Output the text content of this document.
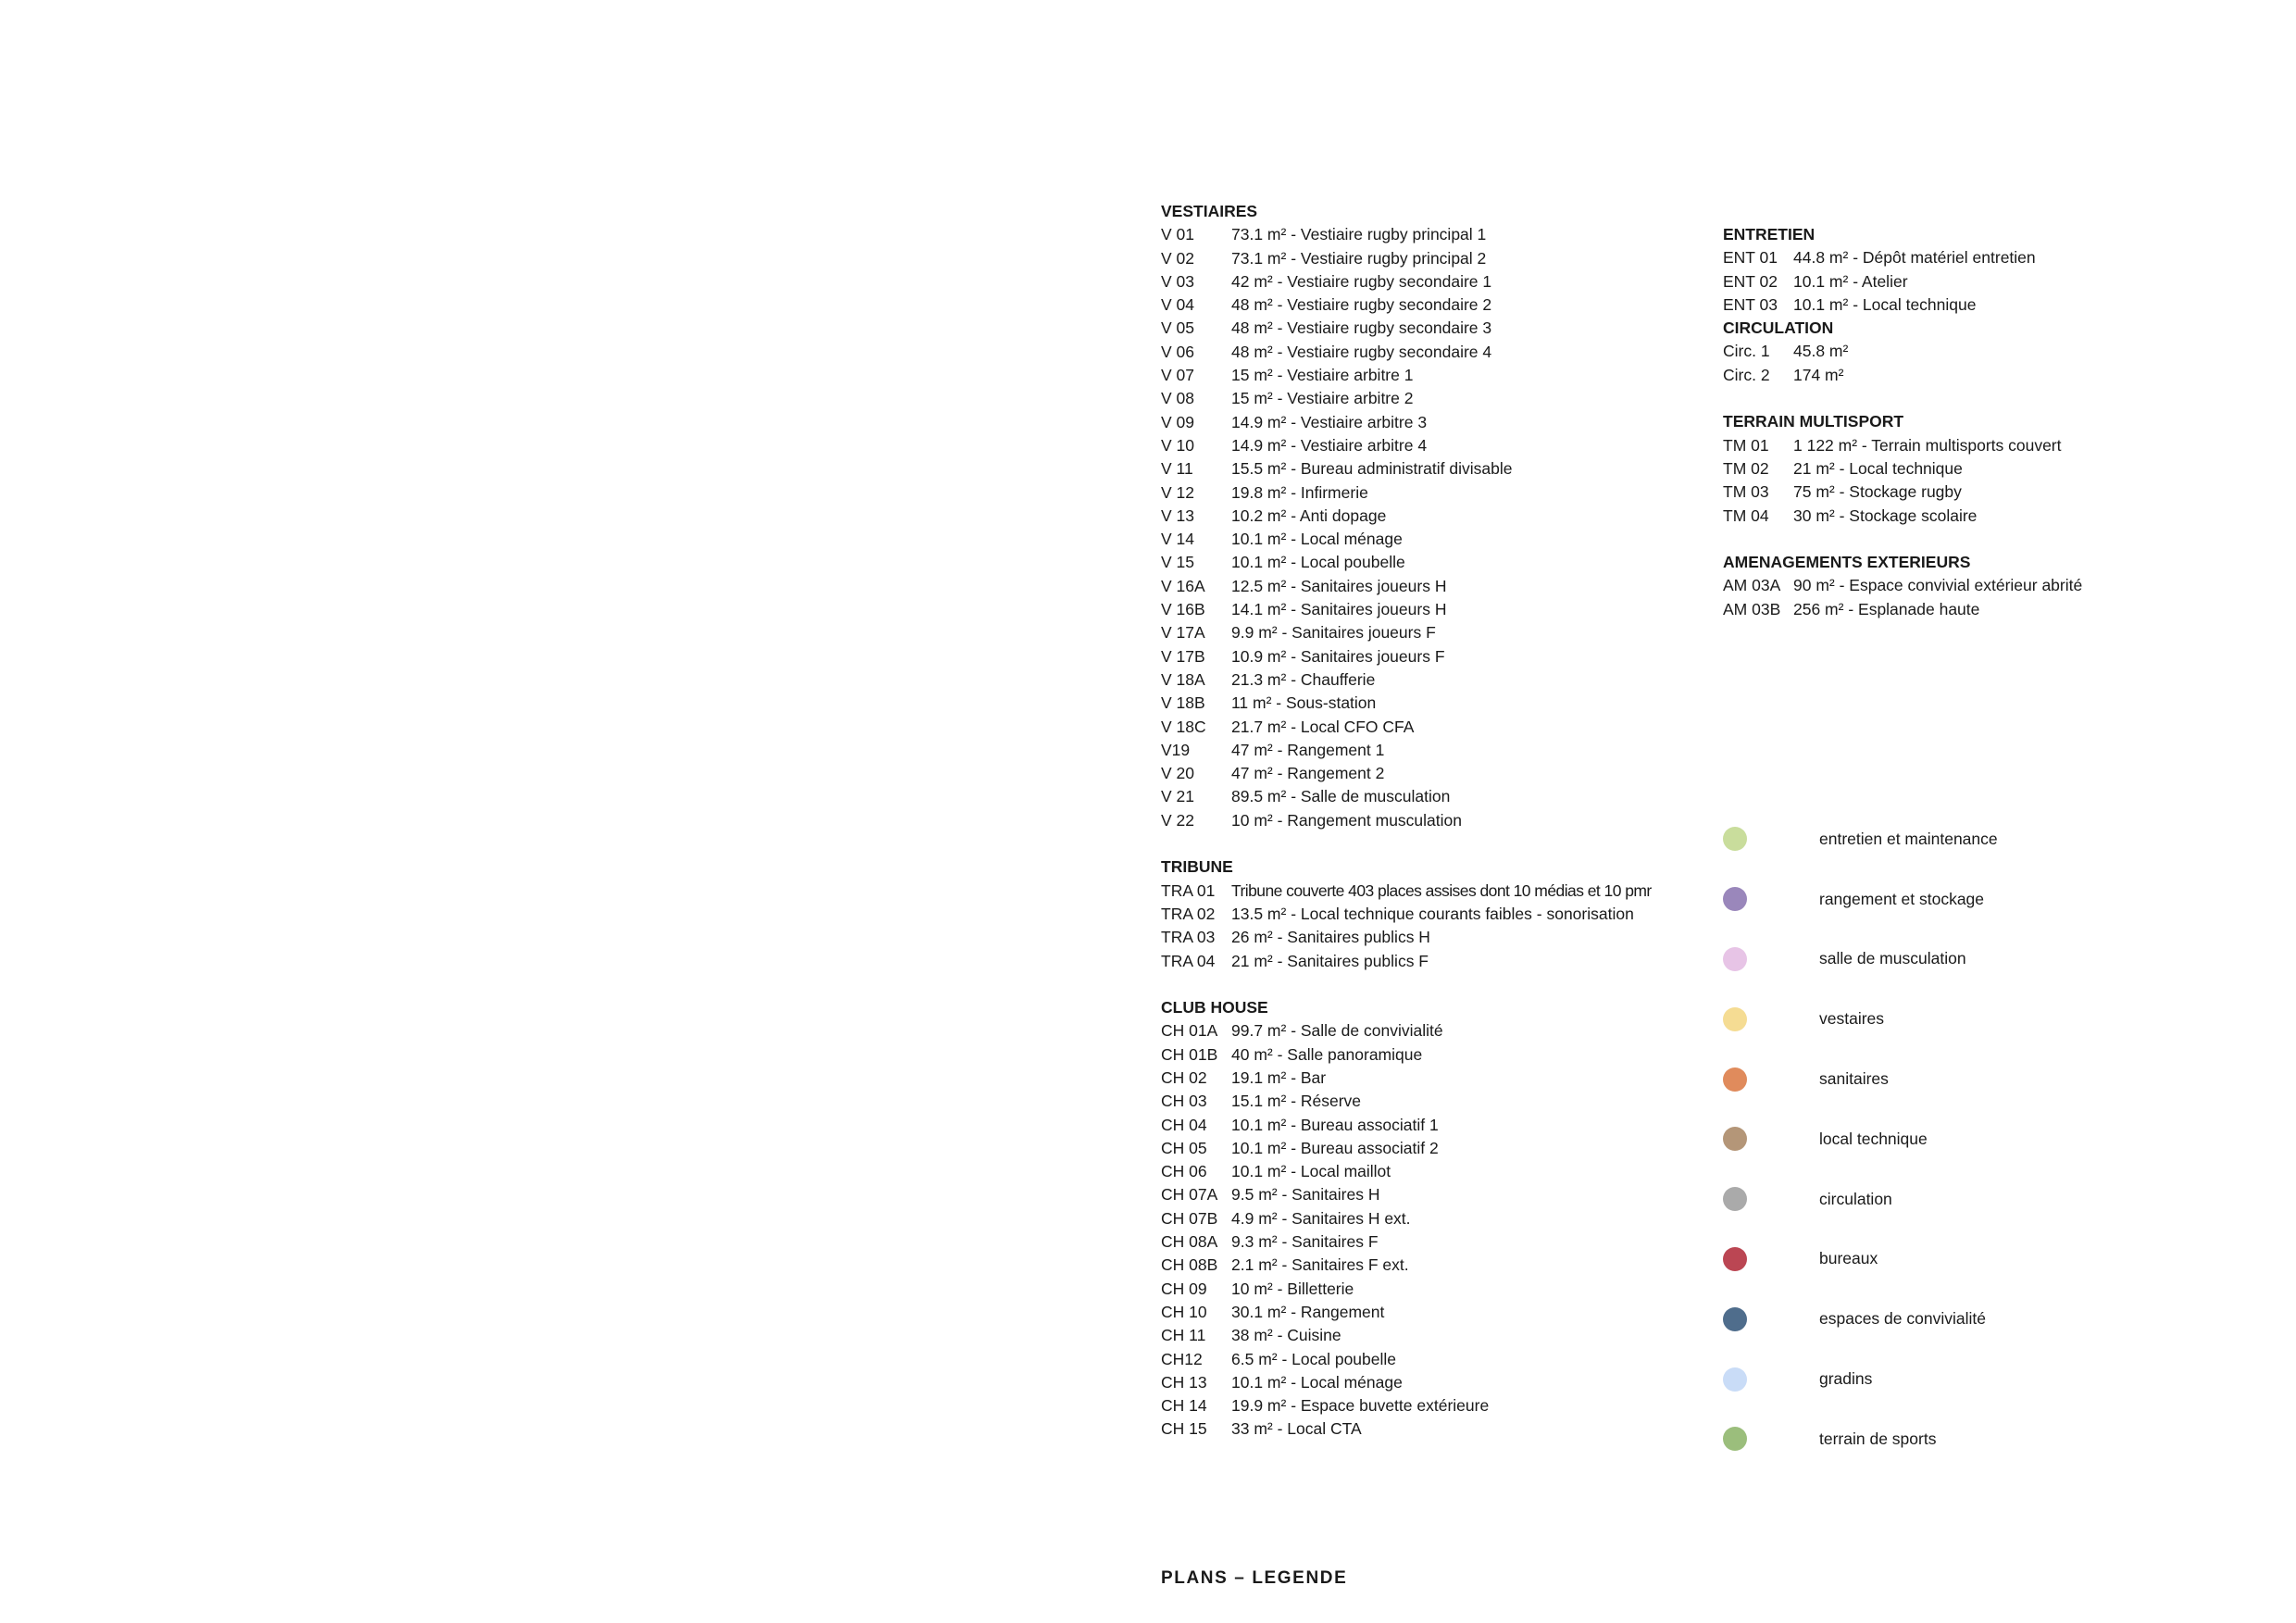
VESTIAIRES
V 01	73.1 m² - Vestiaire rugby principal 1
V 02	73.1 m² - Vestiaire rugby principal 2
V 03	42 m² - Vestiaire rugby secondaire 1
V 04	48 m² - Vestiaire rugby secondaire 2
V 05	48 m² - Vestiaire rugby secondaire 3
V 06	48 m² - Vestiaire rugby secondaire 4
V 07	15 m² - Vestiaire arbitre 1
V 08	15 m² - Vestiaire arbitre 2
V 09	14.9 m² - Vestiaire arbitre 3
V 10	14.9 m² - Vestiaire arbitre 4
V 11	15.5 m² - Bureau administratif divisable
V 12	19.8 m² - Infirmerie
V 13	10.2 m² - Anti dopage
V 14	10.1 m² - Local ménage
V 15	10.1 m² - Local poubelle
V 16A	12.5 m² - Sanitaires joueurs H
V 16B	14.1 m² - Sanitaires joueurs H
V 17A	9.9 m² - Sanitaires joueurs F
V 17B	10.9 m² - Sanitaires joueurs F
V 18A	21.3 m² - Chaufferie
V 18B	11 m² - Sous-station
V 18C	21.7 m² - Local CFO CFA
V19	47 m² - Rangement 1
V 20	47 m² - Rangement 2
V 21	89.5 m² - Salle de musculation
V 22	10 m² - Rangement musculation
TRIBUNE
TRA 01	Tribune couverte 403 places assises dont 10 médias et 10 pmr
TRA 02	13.5 m² - Local technique courants faibles - sonorisation
TRA 03	26 m² - Sanitaires publics H
TRA 04	21 m² - Sanitaires publics F
CLUB HOUSE
CH 01A 99.7 m² - Salle de convivialité
CH 01B 40 m² - Salle panoramique
CH 02	19.1 m² - Bar
CH 03	15.1 m² - Réserve
CH 04	10.1 m² - Bureau associatif 1
CH 05	10.1 m² - Bureau associatif 2
CH 06	10.1 m² - Local maillot
CH 07A 9.5 m² - Sanitaires H
CH 07B 4.9 m² - Sanitaires H ext.
CH 08A 9.3 m² - Sanitaires F
CH 08B 2.1 m² - Sanitaires F ext.
CH 09	10 m² - Billetterie
CH 10	30.1 m² - Rangement
CH 11	38 m² - Cuisine
CH12	6.5 m² - Local poubelle
CH 13	10.1 m² - Local ménage
CH 14	19.9 m² - Espace buvette extérieure
CH 15	33 m² - Local CTA
ENTRETIEN
ENT 01 44.8 m² - Dépôt matériel entretien
ENT 02 10.1 m² - Atelier
ENT 03 10.1 m² - Local technique
CIRCULATION
Circ. 1	45.8 m²
Circ. 2	174 m²
TERRAIN MULTISPORT
TM 01	1 122 m² - Terrain multisports couvert
TM 02	21 m² - Local technique
TM 03	75 m² - Stockage rugby
TM 04	30 m² - Stockage scolaire
AMENAGEMENTS EXTERIEURS
AM 03A 90 m² - Espace convivial extérieur abrité
AM 03B 256 m² - Esplanade haute
entretien et maintenance
rangement et stockage
salle de musculation
vestaires
sanitaires
local technique
circulation
bureaux
espaces de convivialité
gradins
terrain de sports
PLANS – LEGENDE
